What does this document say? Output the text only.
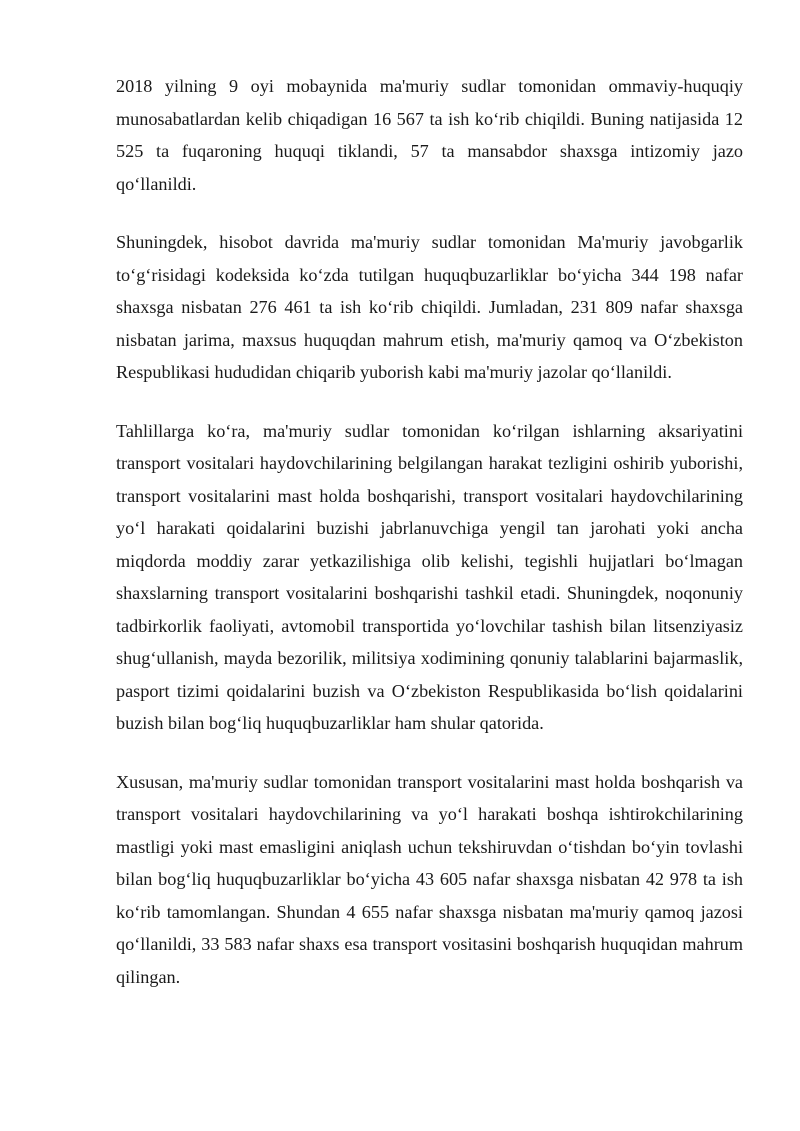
2018 yilning 9 oyi mobaynida ma'muriy sudlar tomonidan ommaviy-huquqiy munosabatlardan kelib chiqadigan 16 567 ta ish ko‘rib chiqildi. Buning natijasida 12 525 ta fuqaroning huquqi tiklandi, 57 ta mansabdor shaxsga intizomiy jazo qo‘llanildi.

Shuningdek, hisobot davrida ma'muriy sudlar tomonidan Ma'muriy javobgarlik to‘g‘risidagi kodeksida ko‘zda tutilgan huquqbuzarliklar bo‘yicha 344 198 nafar shaxsga nisbatan 276 461 ta ish ko‘rib chiqildi. Jumladan, 231 809 nafar shaxsga nisbatan jarima, maxsus huquqdan mahrum etish, ma'muriy qamoq va O‘zbekiston Respublikasi hududidan chiqarib yuborish kabi ma'muriy jazolar qo‘llanildi.

Tahlillarga ko‘ra, ma'muriy sudlar tomonidan ko‘rilgan ishlarning aksariyatini transport vositalari haydovchilarining belgilangan harakat tezligini oshirib yuborishi, transport vositalarini mast holda boshqarishi, transport vositalari haydovchilarining yo‘l harakati qoidalarini buzishi jabrlanuvchiga yengil tan jarohati yoki ancha miqdorda moddiy zarar yetkazilishiga olib kelishi, tegishli hujjatlari bo‘lmagan shaxslarning transport vositalarini boshqarishi tashkil etadi. Shuningdek, noqonuniy tadbirkorlik faoliyati, avtomobil transportida yo‘lovchilar tashish bilan litsenziyasiz shug‘ullanish, mayda bezorilik, militsiya xodimining qonuniy talablarini bajarmaslik, pasport tizimi qoidalarini buzish va O‘zbekiston Respublikasida bo‘lish qoidalarini buzish bilan bog‘liq huquqbuzarliklar ham shular qatorida.

Xususan, ma'muriy sudlar tomonidan transport vositalarini mast holda boshqarish va transport vositalari haydovchilarining va yo‘l harakati boshqa ishtirokchilarining mastligi yoki mast emasligini aniqlash uchun tekshiruvdan o‘tishdan bo‘yin tovlashi bilan bog‘liq huquqbuzarliklar bo‘yicha 43 605 nafar shaxsga nisbatan 42 978 ta ish ko‘rib tamomlangan. Shundan 4 655 nafar shaxsga nisbatan ma'muriy qamoq jazosi qo‘llanildi, 33 583 nafar shaxs esa transport vositasini boshqarish huquqidan mahrum qilingan.
